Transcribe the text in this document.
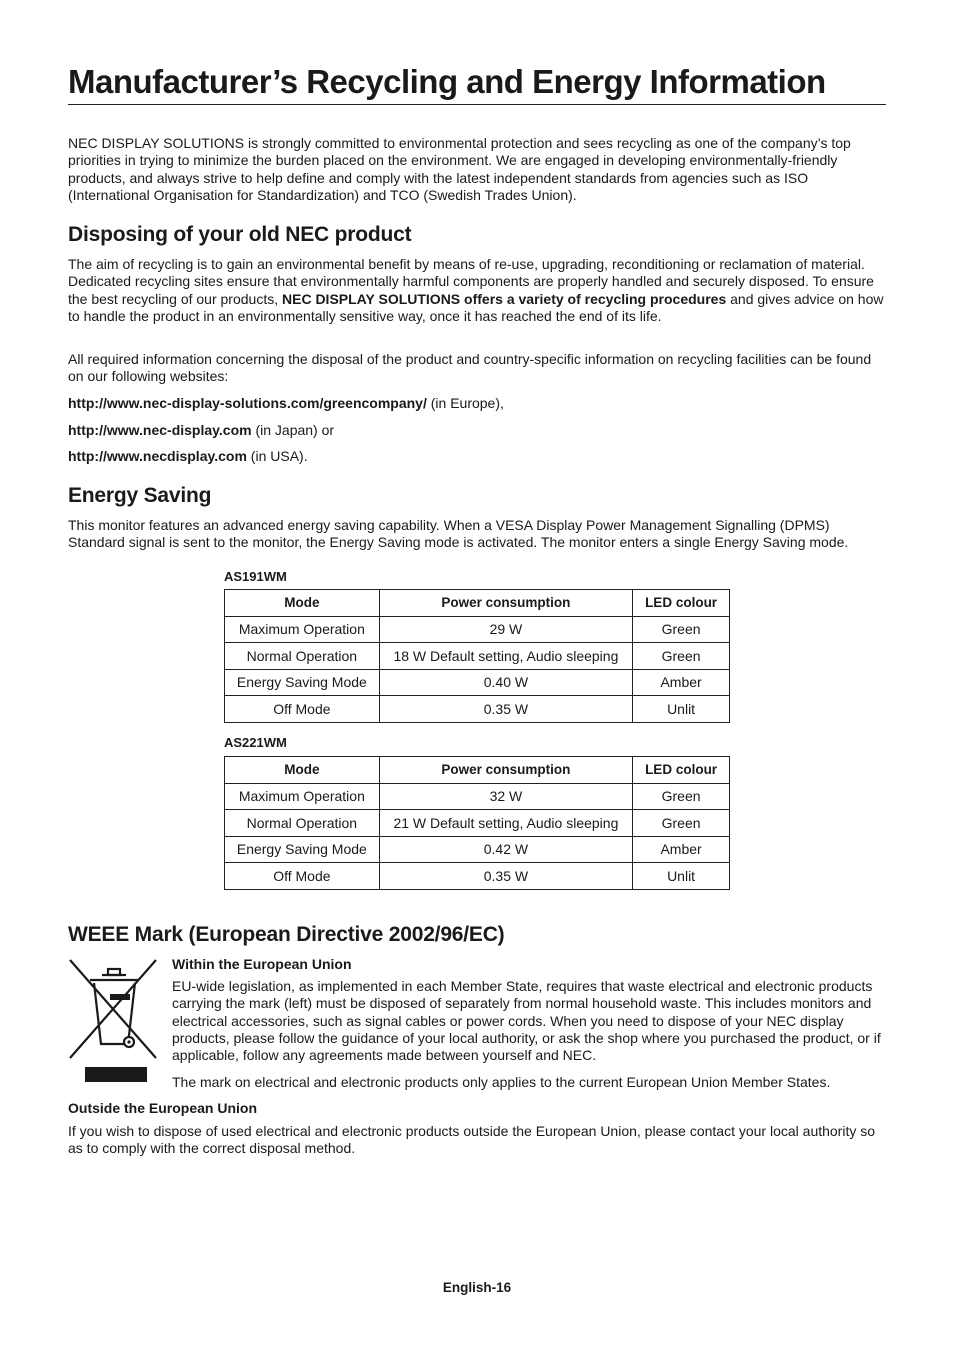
Manufacturer’s Recycling and Energy Information

NEC DISPLAY SOLUTIONS is strongly committed to environmental protection and sees recycling as one of the company’s top priorities in trying to minimize the burden placed on the environment. We are engaged in developing environmentally-friendly products, and always strive to help define and comply with the latest independent standards from agencies such as ISO (International Organisation for Standardization) and TCO (Swedish Trades Union).

Disposing of your old NEC product

The aim of recycling is to gain an environmental benefit by means of re-use, upgrading, reconditioning or reclamation of material. Dedicated recycling sites ensure that environmentally harmful components are properly handled and securely disposed. To ensure the best recycling of our products, NEC DISPLAY SOLUTIONS offers a variety of recycling procedures and gives advice on how to handle the product in an environmentally sensitive way, once it has reached the end of its life.

All required information concerning the disposal of the product and country-specific information on recycling facilities can be found on our following websites:

http://www.nec-display-solutions.com/greencompany/ (in Europe),

http://www.nec-display.com (in Japan) or

http://www.necdisplay.com (in USA).

Energy Saving

This monitor features an advanced energy saving capability. When a VESA Display Power Management Signalling (DPMS) Standard signal is sent to the monitor, the Energy Saving mode is activated. The monitor enters a single Energy Saving mode.

AS191WM
Mode	Power consumption	LED colour
Maximum Operation	29 W	Green
Normal Operation	18 W Default setting, Audio sleeping	Green
Energy Saving Mode	0.40 W	Amber
Off Mode	0.35 W	Unlit
AS221WM
Mode	Power consumption	LED colour
Maximum Operation	32 W	Green
Normal Operation	21 W Default setting, Audio sleeping	Green
Energy Saving Mode	0.42 W	Amber
Off Mode	0.35 W	Unlit
WEEE Mark (European Directive 2002/96/EC)

Within the European Union

EU-wide legislation, as implemented in each Member State, requires that waste electrical and electronic products carrying the mark (left) must be disposed of separately from normal household waste. This includes monitors and electrical accessories, such as signal cables or power cords. When you need to dispose of your NEC display products, please follow the guidance of your local authority, or ask the shop where you purchased the product, or if applicable, follow any agreements made between yourself and NEC.

The mark on electrical and electronic products only applies to the current European Union Member States.

Outside the European Union

If you wish to dispose of used electrical and electronic products outside the European Union, please contact your local authority so as to comply with the correct disposal method.

English-16
